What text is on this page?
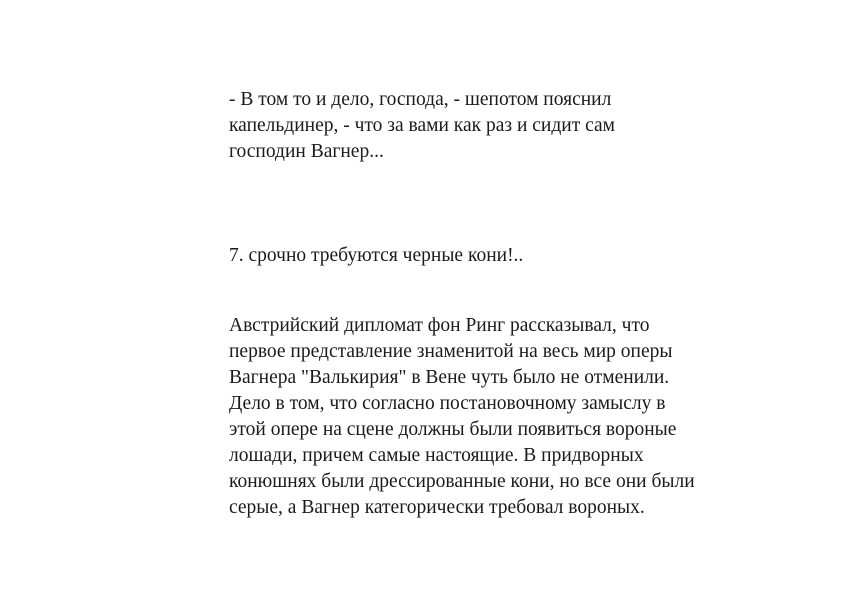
- В том то и дело, господа, - шепотом пояснил
капельдинер, - что за вами как раз и сидит сам
господин Вагнер...

7. срочно требуются черные кони!..

Австрийский дипломат фон Ринг рассказывал, что
первое представление знаменитой на весь мир оперы
Вагнера "Валькирия" в Вене чуть было не отменили.
Дело в том, что согласно постановочному замыслу в
этой опере на сцене должны были появиться вороные
лошади, причем самые настоящие. В придворных
конюшнях были дрессированные кони, но все они были
серые, а Вагнер категорически требовал вороных.
